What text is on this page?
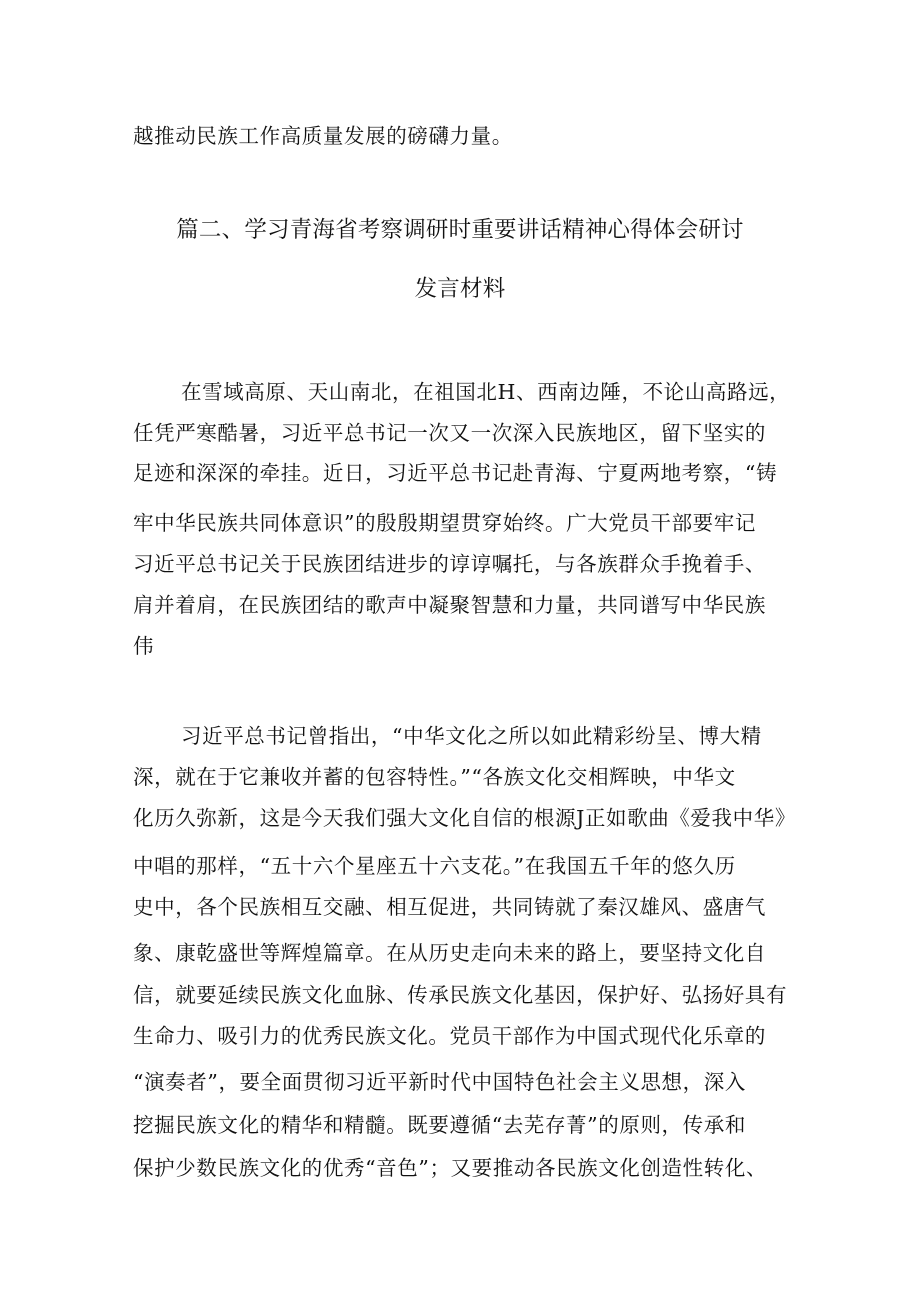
越推动民族工作高质量发展的磅礴力量。
篇二、学习青海省考察调研时重要讲话精神心得体会研讨
发言材料
在雪域高原、天山南北，在祖国北H、西南边陲，不论山高路远，
任凭严寒酷暑，习近平总书记一次又一次深入民族地区，留下坚实的
足迹和深深的牵挂。近日，习近平总书记赴青海、宁夏两地考察，“铸
牢中华民族共同体意识”的殷殷期望贯穿始终。广大党员干部要牢记
习近平总书记关于民族团结进步的谆谆嘱托，与各族群众手挽着手、
肩并着肩，在民族团结的歌声中凝聚智慧和力量，共同谱写中华民族
伟
习近平总书记曾指出，“中华文化之所以如此精彩纷呈、博大精
深，就在于它兼收并蓄的包容特性。”“各族文化交相辉映，中华文
化历久弥新，这是今天我们强大文化自信的根源J正如歌曲《爱我中华》
中唱的那样，“五十六个星座五十六支花。”在我国五千年的悠久历
史中，各个民族相互交融、相互促进，共同铸就了秦汉雄风、盛唐气
象、康乾盛世等辉煌篇章。在从历史走向未来的路上，要坚持文化自
信，就要延续民族文化血脉、传承民族文化基因，保护好、弘扬好具有
生命力、吸引力的优秀民族文化。党员干部作为中国式现代化乐章的
“演奏者”，要全面贯彻习近平新时代中国特色社会主义思想，深入
挖掘民族文化的精华和精髓。既要遵循“去芜存菁”的原则，传承和
保护少数民族文化的优秀“音色”；又要推动各民族文化创造性转化、
